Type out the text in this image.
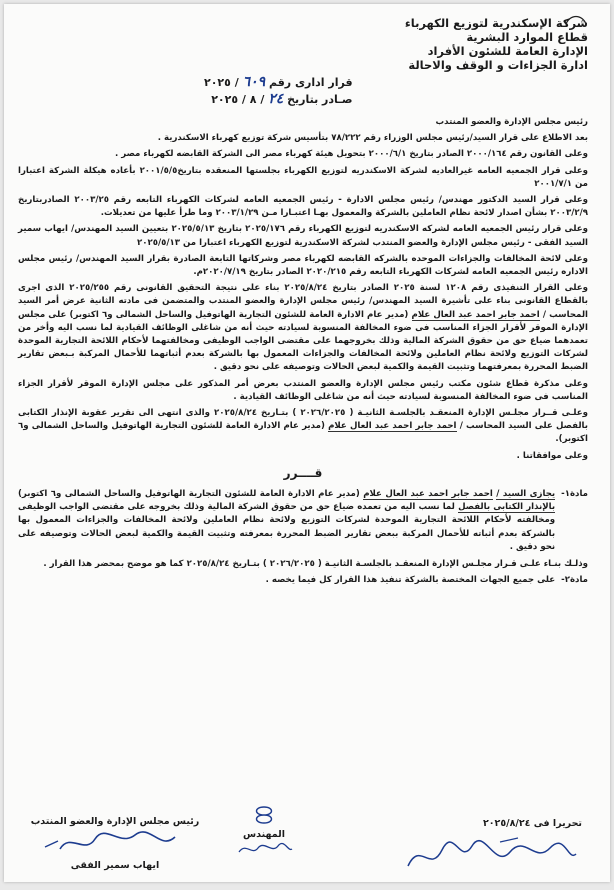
شركة الإسكندرية لتوزيع الكهرباء
قطاع الموارد البشرية
الإدارة العامة للشئون الأفراد
ادارة الجزاءات و الوقف والاحالة
قرار ادارى رقم ٦٠٩ / ٢٠٢٥
صـادر بتاريخ ٢٤ / ٨ / ٢٠٢٥

رئيس مجلس الإدارة والعضو المنتدب

بعد الاطلاع على قرار السيد/رئيس مجلس الوزراء رقم ٧٨/٢٢٢ بتأسيس شركة توزيع كهرباء الاسكندرية .

وعلى القانون رقم ٢٠٠٠/١٦٤ الصادر بتاريخ ٢٠٠٠/٦/١ بتحويل هيئة كهرباء مصر الى الشركة القابضه لكهرباء مصر .

وعلى قرار الجمعيه العامه غيرالعاديه لشركة الاسكندريه لتوزيع الكهرباء بجلستها المنعقده بتاريخ٢٠٠١/٥/٥ بأعاده هيكلة الشركة اعتبارا من ٢٠٠١/٧/١

وعلى قرار السيد الدكتور مهندس/ رئيس مجلس الادارة - رئيس الجمعيه العامه لشركات الكهرباء التابعه رقم ٢٠٠٣/٢٥ الصادربتاريخ ٢٠٠٣/٢/٩ بشأن اصدار لائحة نظام العاملين بالشركة والمعمول بهـا اعتبـارا مـن ٢٠٠٣/١/٢٩ وما طرأ عليها من تعديلات.

وعلى قرار رئيس الجمعيه العامه لشركه الاسكندريه لتوزيع الكهرباء رقم ٢٠٢٥/١٧٦ بتاريخ ٢٠٢٥/٥/١٣ بتعيين السيد المهندس/ ايهاب سمير السيد الفقى - رئيس مجلس الإدارة والعضو المنتدب لشركة الاسكندرية لتوزيع الكهرباء اعتبارا من ٢٠٢٥/٥/١٣

وعلى لائحة المخالفات والجزاءات الموحده بالشركه القابضه لكهرباء مصر وشركاتها التابعة الصادرة بقرار السيد المهندس/ رئيس مجلس الاداره رئيس الجمعيه العامه لشركات الكهرباء التابعه رقم ٢٠٢٠/٢١٥ الصادر بتاريخ ٢٠٢٠/٧/١٩م.

وعلى القرار التنفيذى رقم ١٢٠٨ لسنة ٢٠٢٥ الصادر بتاريخ ٢٠٢٥/٨/٢٤ بناء على نتيجة التحقيق القانونى رقم ٢٠٢٥/٢٥٥ الذى اجرى بالقطاع القانونى بناء على تأشيرة السيد المهندس/ رئيس مجلس الإدارة والعضو المنتدب والمتضمن فى مادته الثانية عرض أمر السيد المحاسب / احمد جابر احمد عبد العال علام (مدير عام الادارة العامة للشئون التجارية الهاتوفيل والساحل الشمالى و٦ اكتوبر) على مجلس الإدارة الموقر لأقرار الجزاء المناسب فى ضوء المخالفة المنسوبة لسيادته حيث أنه من شاغلى الوظائف القيادية لما نسب اليه وأخر من تعمدهما ضياع حق من حقوق الشركة المالية وذلك بخروجهما على مقتضى الواجب الوظيفى ومخالفتهما لأحكام اللائحة التجارية الموحدة لشركات التوزيع ولائحة نظام العاملين ولائحة المخالفات والجزاءات المعمول بها بالشركة بعدم أثباتهما للأحمال المركبة بـبعض تقارير الضبط المحررة بمعرفتهما وتثبيت القيمة والكمية لبعض الحالات وتوصيفه على نحو دقيق .

وعلى مذكرة قطاع شئون مكتب رئيس مجلس الإدارة والعضو المنتدب بعرض أمر المذكور على مجلس الإدارة الموقر لأقرار الجزاء المناسب فى ضوء المخالفة المنسوبة لسيادته حيث أنه من شاغلى الوظائف القيادية .

وعلـى قــرار مجلـس الإدارة المنعقـد بالجلسـة الثانيـة ( ٢٠٢٦/٢٠٢٥ ) بتـاريخ ٢٠٢٥/٨/٢٤ والذى انتهى الى تقرير عقوبة الإنذار الكتابى بالفصل على السيد المحاسب / احمد جابر احمد عبد العال علام (مدير عام الادارة العامة للشئون التجارية الهاتوفيل والساحل الشمالى و٦ اكتوبر).

وعلى موافقاتنا .

قــــرر
مادة١-
يجازى السيد / احمد جابر احمد عبد العال علام (مدير عام الادارة العامة للشئون التجارية الهاتوفيل والساحل الشمالى و٦ اكتوبر) بالإنذار الكتابى بالفصل لما نسب اليه من تعمده ضياع حق من حقوق الشركة المالية وذلك بخروجه على مقتضى الواجب الوظيفى ومخالفته لأحكام اللائحة التجارية الموحدة لشركات التوزيع ولائحة نظام العاملين ولائحة المخالفات والجزاءات المعمول بها بالشركة بعدم أثباته للأحمال المركبة ببعض تقارير الضبط المحررة بمعرفته وتثبيت القيمة والكمية لبعض الحالات وتوصيفه على نحو دقيق .

وذلـك بنـاء علـى قـرار مجلـس الإدارة المنعقـد بالجلسـة الثانيـة ( ٢٠٢٦/٢٠٢٥ ) بتـاريخ ٢٠٢٥/٨/٢٤ كما هو موضح بمحضر هذا القرار .

مادة٢-
على جميع الجهات المختصة بالشركة تنفيذ هذا القرار كل فيما يخصه .
تحريرا فى ٢٠٢٥/٨/٢٤
رئيس مجلس الإدارة والعضو المنتدب
ايهاب سمير الفقى
المهندس
